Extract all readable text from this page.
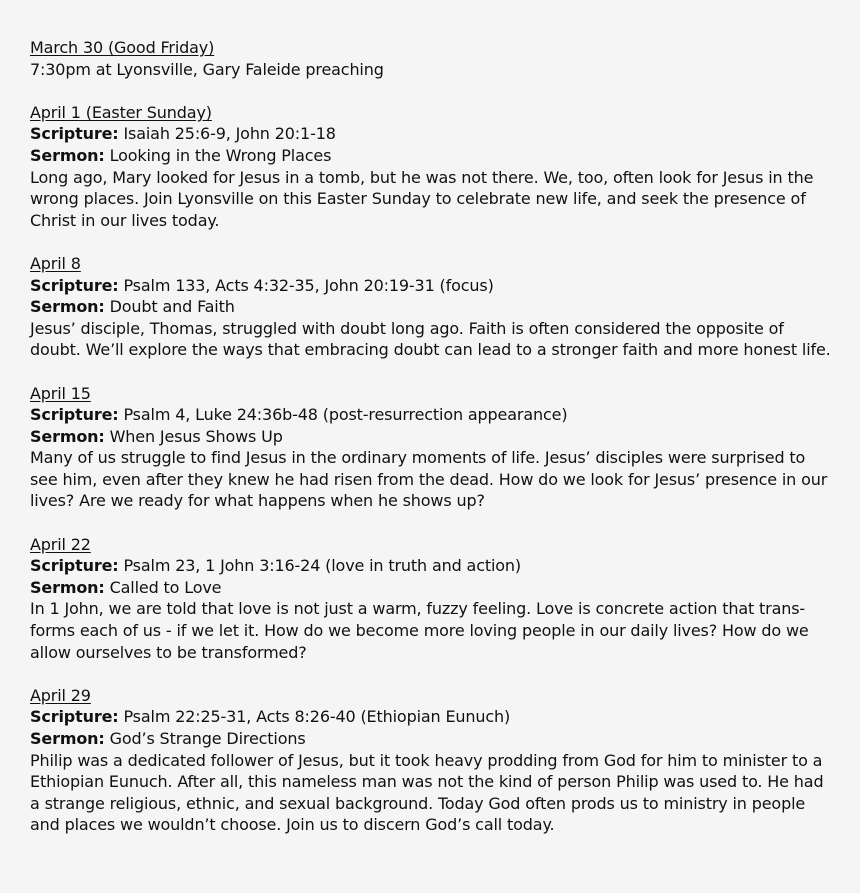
March 30 (Good Friday)
7:30pm at Lyonsville, Gary Faleide preaching
April 1 (Easter Sunday)
Scripture: Isaiah 25:6-9, John 20:1-18
Sermon: Looking in the Wrong Places
Long ago, Mary looked for Jesus in a tomb, but he was not there. We, too, often look for Jesus in the
wrong places. Join Lyonsville on this Easter Sunday to celebrate new life, and seek the presence of
Christ in our lives today.
April 8
Scripture: Psalm 133, Acts 4:32-35, John 20:19-31 (focus)
Sermon: Doubt and Faith
Jesus’ disciple, Thomas, struggled with doubt long ago. Faith is often considered the opposite of
doubt. We’ll explore the ways that embracing doubt can lead to a stronger faith and more honest life.
April 15
Scripture: Psalm 4, Luke 24:36b-48 (post-resurrection appearance)
Sermon: When Jesus Shows Up
Many of us struggle to find Jesus in the ordinary moments of life. Jesus’ disciples were surprised to
see him, even after they knew he had risen from the dead. How do we look for Jesus’ presence in our
lives? Are we ready for what happens when he shows up?
April 22
Scripture: Psalm 23, 1 John 3:16-24 (love in truth and action)
Sermon: Called to Love
In 1 John, we are told that love is not just a warm, fuzzy feeling. Love is concrete action that trans-
forms each of us - if we let it. How do we become more loving people in our daily lives? How do we
allow ourselves to be transformed?
April 29
Scripture: Psalm 22:25-31, Acts 8:26-40 (Ethiopian Eunuch)
Sermon: God’s Strange Directions
Philip was a dedicated follower of Jesus, but it took heavy prodding from God for him to minister to a
Ethiopian Eunuch. After all, this nameless man was not the kind of person Philip was used to. He had
a strange religious, ethnic, and sexual background. Today God often prods us to ministry in people
and places we wouldn’t choose. Join us to discern God’s call today.
